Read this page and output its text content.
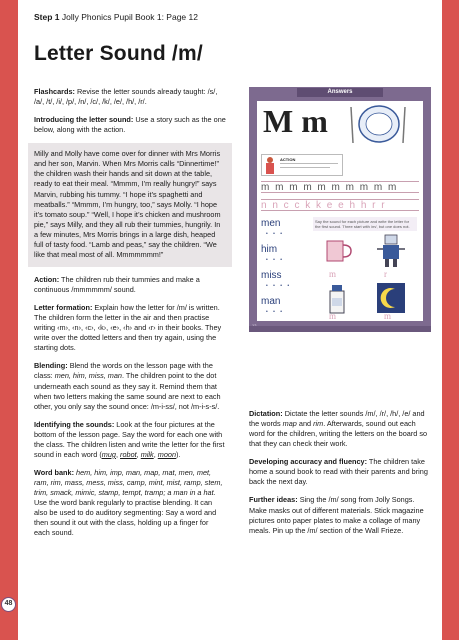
Step 1 Jolly Phonics Pupil Book 1: Page 12
Letter Sound /m/

Flashcards: Revise the letter sounds already taught: /s/, /a/, /t/, /i/, /p/, /n/, /c/, /k/, /e/, /h/, /r/.

Introducing the letter sound: Use a story such as the one below, along with the action.

Milly and Molly have come over for dinner with Mrs Morris and her son, Marvin. When Mrs Morris calls “Dinnertime!” the children wash their hands and sit down at the table, ready to eat their meal. “Mmmm, I’m really hungry!” says Marvin, rubbing his tummy. “I hope it’s spaghetti and meatballs.” “Mmmm, I’m hungry, too,” says Molly. “I hope it’s tomato soup.” “Well, I hope it’s chicken and mushroom pie,” says Milly, and they all rub their tummies, hungrily. In a few minutes, Mrs Morris brings in a large dish, heaped full of tasty food. “Lamb and peas,” say the children. “We like that meal most of all. Mmmmmmm!”

Action: The children rub their tummies and make a continuous /mmmmmm/ sound.

Letter formation: Explain how the letter for /m/ is written. The children form the letter in the air and then practise writing ‹m›, ‹n›, ‹c›, ‹k›, ‹e›, ‹h› and ‹r› in their books. They write over the dotted letters and then try again, using the starting dots.

Blending: Blend the words on the lesson page with the class: men, him, miss, man. The children point to the dot underneath each sound as they say it. Remind them that when two letters making the same sound are next to each other, you only say the sound once: /m-i-ss/, not /m-i-s-s/.

Identifying the sounds: Look at the four pictures at the bottom of the lesson page. Say the word for each one with the class. The children listen and write the letter for the first sound in each word (mug, robot, milk, moon).

Word bank: hem, him, imp, man, map, mat, men, met, ram, rim, mass, mess, miss, camp, mint, mist, ramp, stem, trim, smack, mimic, stamp, tempt, tramp; a man in a hat. Use the word bank regularly to practise blending. It can also be used to do auditory segmenting: Say a word and then sound it out with the class, holding up a finger for each sound.

Answers
M m
ACTION
m m m m m m m m m m
n n c c k k e e h h r r
men
• • •
him
• • •
miss
• • • •
man
• • •
Say the sound for each picture and write the letter for the first sound. Three start with /m/, but one does not.
m	r
m	m

Dictation: Dictate the letter sounds /m/, /r/, /h/, /e/ and the words map and rim. Afterwards, sound out each word for the children, writing the letters on the board so that they can check their work.

Developing accuracy and fluency: The children take home a sound book to read with their parents and bring back the next day.

Further ideas: Sing the /m/ song from Jolly Songs. Make masks out of different materials. Stick magazine pictures onto paper plates to make a collage of many meals. Pin up the /m/ section of the Wall Frieze.

48
